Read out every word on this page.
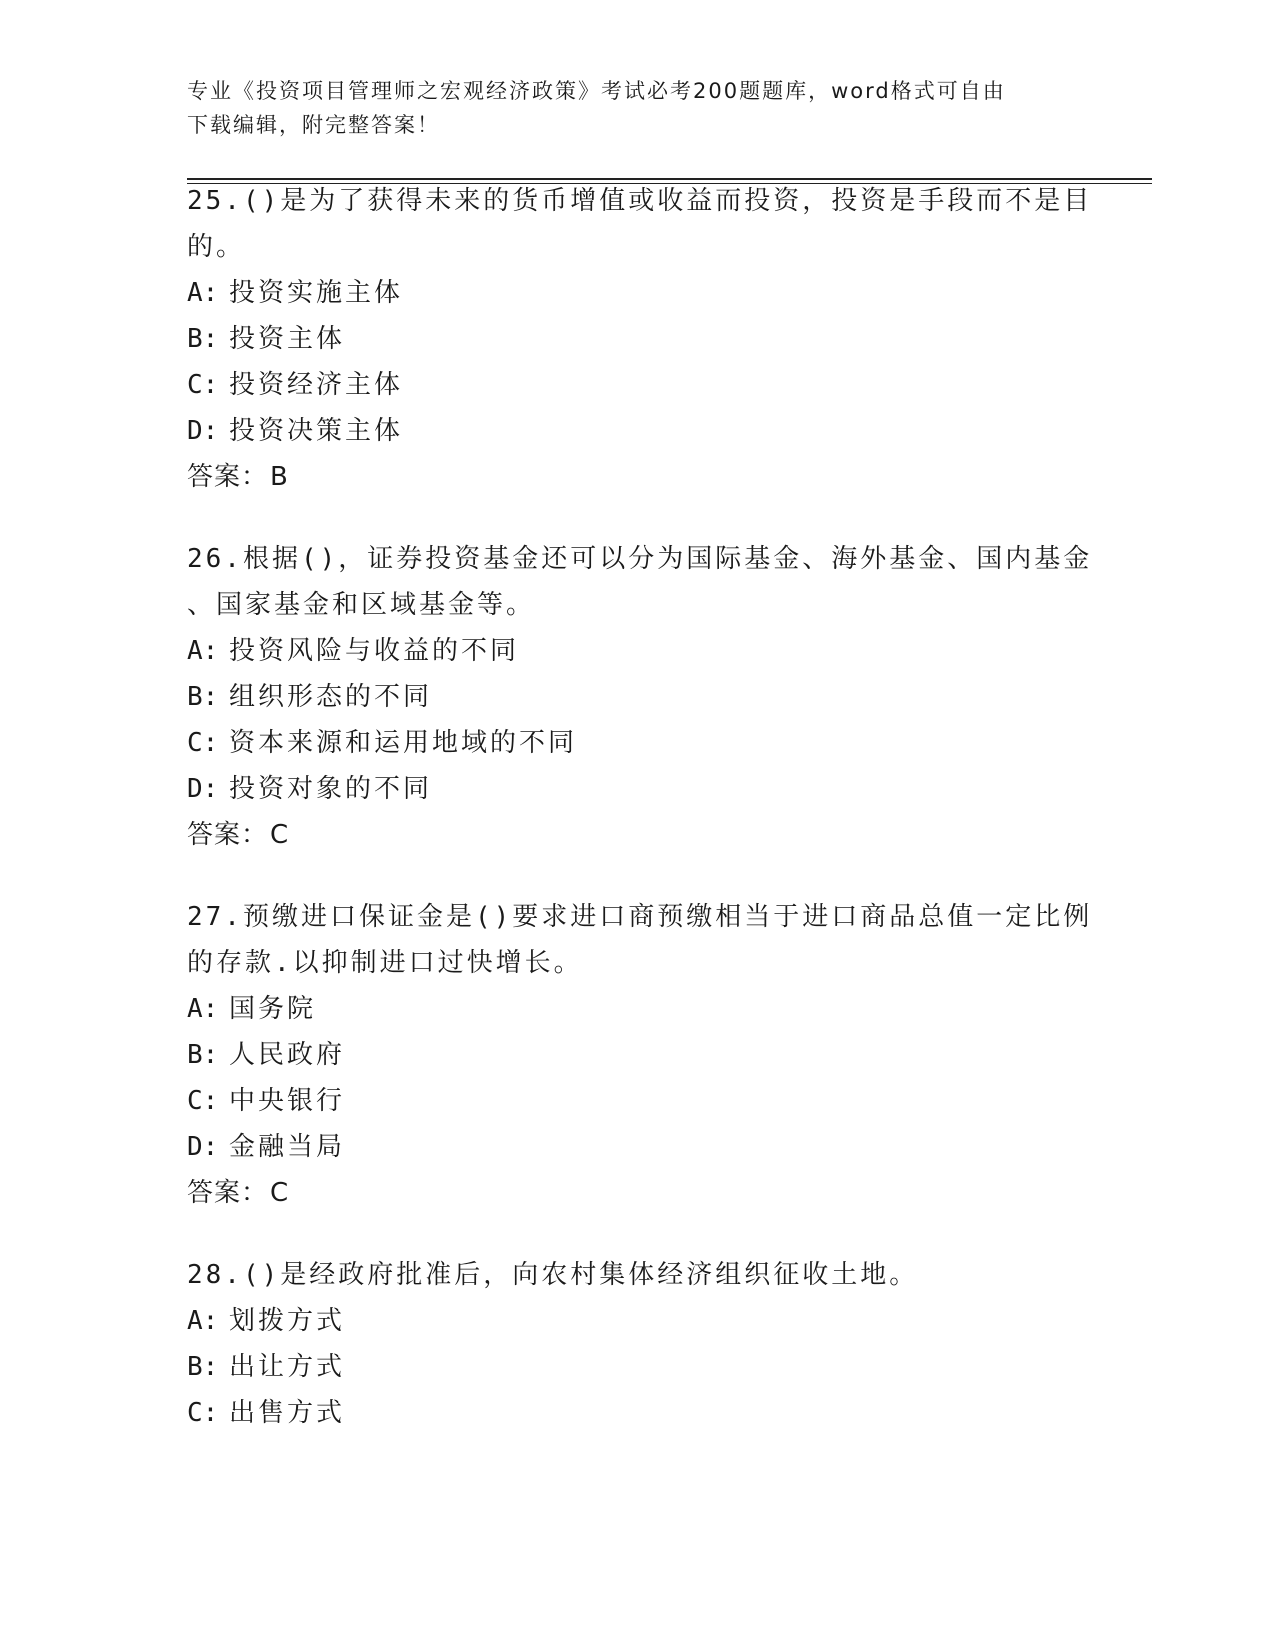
专业《投资项目管理师之宏观经济政策》考试必考200题题库，word格式可自由
下载编辑，附完整答案！
25.()是为了获得未来的货币增值或收益而投资，投资是手段而不是目
的。
A: 投资实施主体
B: 投资主体
C: 投资经济主体
D: 投资决策主体
答案：B
26.根据()，证券投资基金还可以分为国际基金、海外基金、国内基金
、国家基金和区域基金等。
A: 投资风险与收益的不同
B: 组织形态的不同
C: 资本来源和运用地域的不同
D: 投资对象的不同
答案：C
27.预缴进口保证金是()要求进口商预缴相当于进口商品总值一定比例
的存款.以抑制进口过快增长。
A: 国务院
B: 人民政府
C: 中央银行
D: 金融当局
答案：C
28.()是经政府批准后，向农村集体经济组织征收土地。
A: 划拨方式
B: 出让方式
C: 出售方式
